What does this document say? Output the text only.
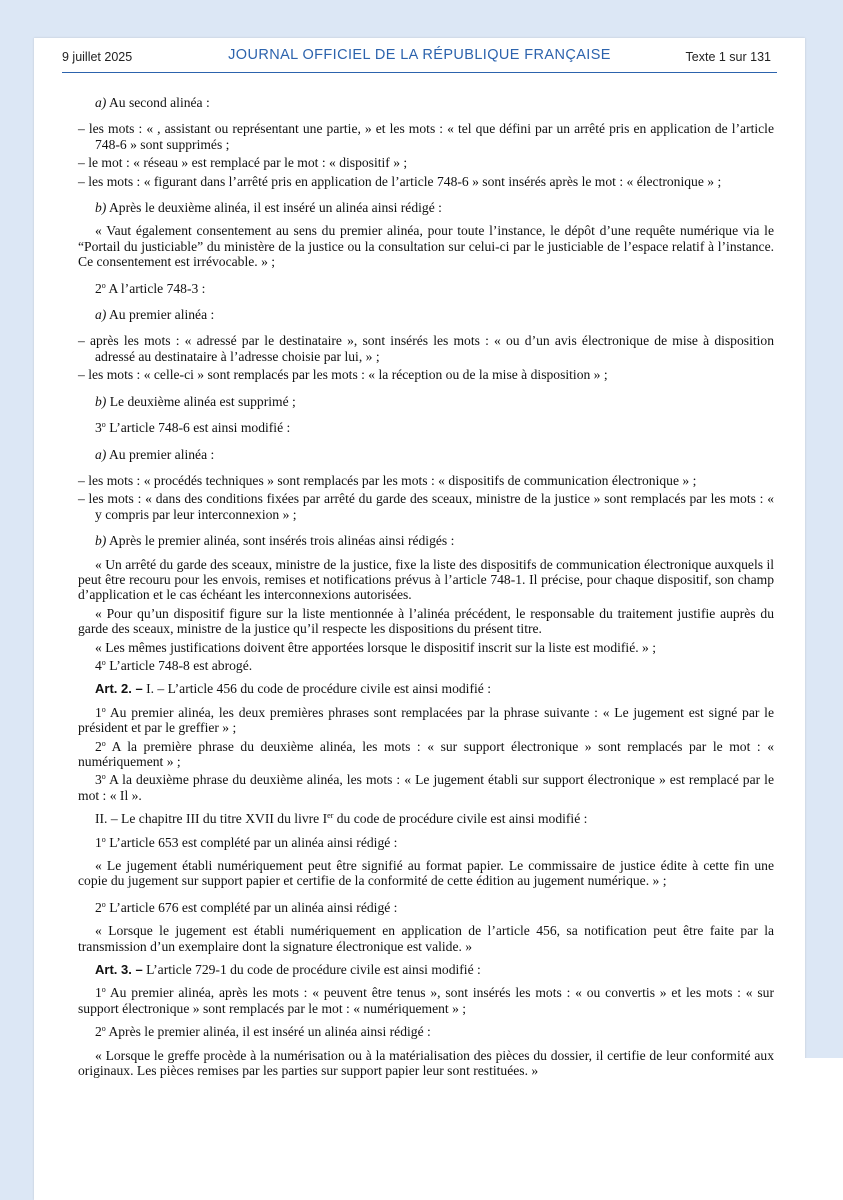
9 juillet 2025	JOURNAL OFFICIEL DE LA RÉPUBLIQUE FRANÇAISE	Texte 1 sur 131

a) Au second alinéa :

– les mots : « , assistant ou représentant une partie, » et les mots : « tel que défini par un arrêté pris en application de l’article 748-6 » sont supprimés ;

– le mot : « réseau » est remplacé par le mot : « dispositif » ;

– les mots : « figurant dans l’arrêté pris en application de l’article 748-6 » sont insérés après le mot : « électronique » ;

b) Après le deuxième alinéa, il est inséré un alinéa ainsi rédigé :

« Vaut également consentement au sens du premier alinéa, pour toute l’instance, le dépôt d’une requête numérique via le “Portail du justiciable” du ministère de la justice ou la consultation sur celui-ci par le justiciable de l’espace relatif à l’instance. Ce consentement est irrévocable. » ;

2$^o$ A l’article 748-3 :

a) Au premier alinéa :

– après les mots : « adressé par le destinataire », sont insérés les mots : « ou d’un avis électronique de mise à disposition adressé au destinataire à l’adresse choisie par lui, » ;

– les mots : « celle-ci » sont remplacés par les mots : « la réception ou de la mise à disposition » ;

b) Le deuxième alinéa est supprimé ;

3$^o$ L’article 748-6 est ainsi modifié :

a) Au premier alinéa :

– les mots : « procédés techniques » sont remplacés par les mots : « dispositifs de communication électronique » ;

– les mots : « dans des conditions fixées par arrêté du garde des sceaux, ministre de la justice » sont remplacés par les mots : « y compris par leur interconnexion » ;

b) Après le premier alinéa, sont insérés trois alinéas ainsi rédigés :

« Un arrêté du garde des sceaux, ministre de la justice, fixe la liste des dispositifs de communication électronique auxquels il peut être recouru pour les envois, remises et notifications prévus à l’article 748-1. Il précise, pour chaque dispositif, son champ d’application et le cas échéant les interconnexions autorisées.

« Pour qu’un dispositif figure sur la liste mentionnée à l’alinéa précédent, le responsable du traitement justifie auprès du garde des sceaux, ministre de la justice qu’il respecte les dispositions du présent titre.

« Les mêmes justifications doivent être apportées lorsque le dispositif inscrit sur la liste est modifié. » ;

4$^o$ L’article 748-8 est abrogé.

Art. 2. – I. – L’article 456 du code de procédure civile est ainsi modifié :

1$^o$ Au premier alinéa, les deux premières phrases sont remplacées par la phrase suivante : « Le jugement est signé par le président et par le greffier » ;

2$^o$ A la première phrase du deuxième alinéa, les mots : « sur support électronique » sont remplacés par le mot : « numériquement » ;

3$^o$ A la deuxième phrase du deuxième alinéa, les mots : « Le jugement établi sur support électronique » est remplacé par le mot : « Il ».

II. – Le chapitre III du titre XVII du livre Ier du code de procédure civile est ainsi modifié :

1$^o$ L’article 653 est complété par un alinéa ainsi rédigé :

« Le jugement établi numériquement peut être signifié au format papier. Le commissaire de justice édite à cette fin une copie du jugement sur support papier et certifie de la conformité de cette édition au jugement numérique. » ;

2$^o$ L’article 676 est complété par un alinéa ainsi rédigé :

« Lorsque le jugement est établi numériquement en application de l’article 456, sa notification peut être faite par la transmission d’un exemplaire dont la signature électronique est valide. »

Art. 3. – L’article 729-1 du code de procédure civile est ainsi modifié :

1$^o$ Au premier alinéa, après les mots : « peuvent être tenus », sont insérés les mots : « ou convertis » et les mots : « sur support électronique » sont remplacés par le mot : « numériquement » ;

2$^o$ Après le premier alinéa, il est inséré un alinéa ainsi rédigé :

« Lorsque le greffe procède à la numérisation ou à la matérialisation des pièces du dossier, il certifie de leur conformité aux originaux. Les pièces remises par les parties sur support papier leur sont restituées. »
